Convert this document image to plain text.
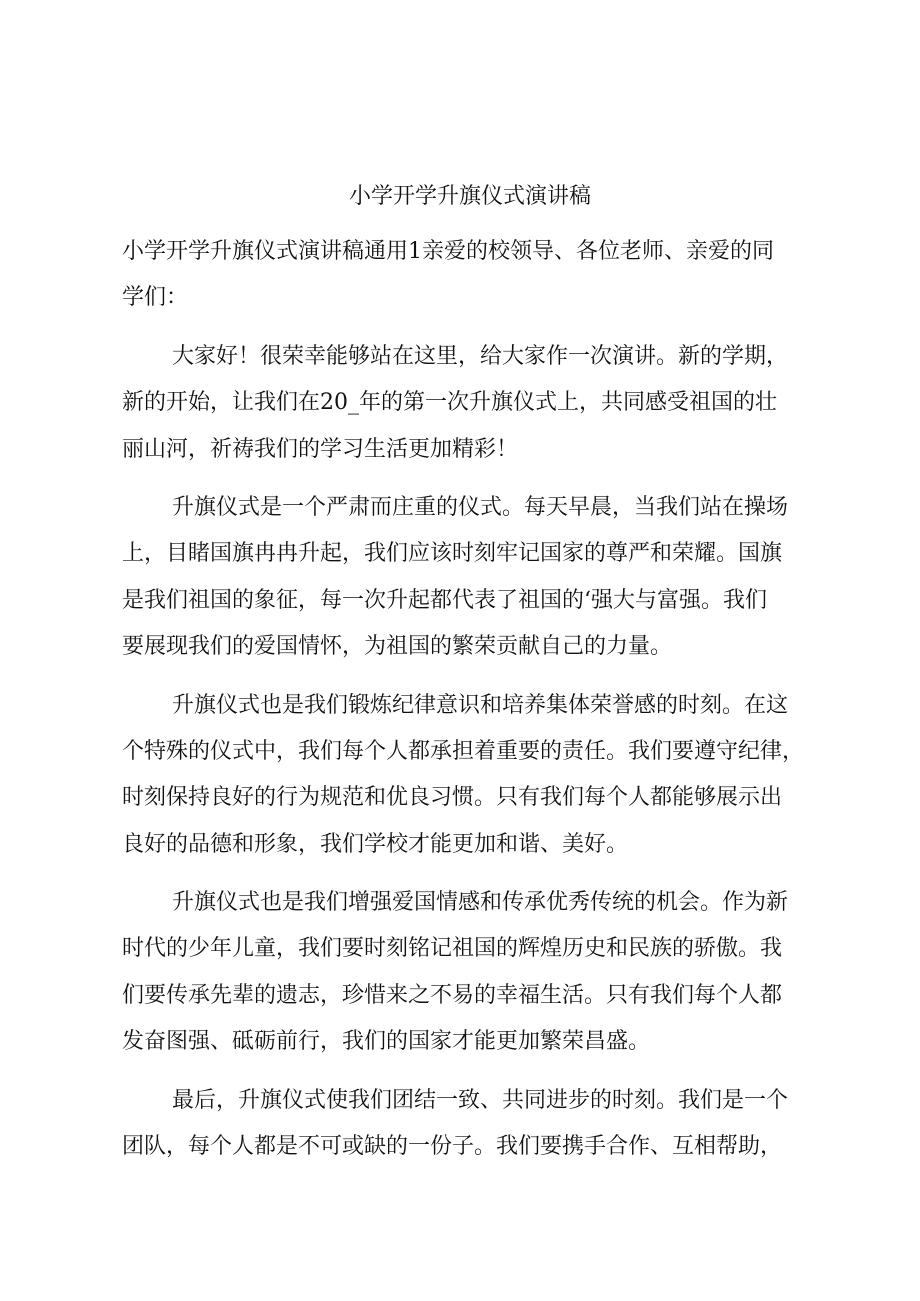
小学开学升旗仪式演讲稿
小学开学升旗仪式演讲稿通用1亲爱的校领导、各位老师、亲爱的同
学们：
大家好！很荣幸能够站在这里，给大家作一次演讲。新的学期，
新的开始，让我们在20_年的第一次升旗仪式上，共同感受祖国的壮
丽山河，祈祷我们的学习生活更加精彩！
升旗仪式是一个严肃而庄重的仪式。每天早晨，当我们站在操场
上，目睹国旗冉冉升起，我们应该时刻牢记国家的尊严和荣耀。国旗
是我们祖国的象征，每一次升起都代表了祖国的‘强大与富强。我们
要展现我们的爱国情怀，为祖国的繁荣贡献自己的力量。
升旗仪式也是我们锻炼纪律意识和培养集体荣誉感的时刻。在这
个特殊的仪式中，我们每个人都承担着重要的责任。我们要遵守纪律，
时刻保持良好的行为规范和优良习惯。只有我们每个人都能够展示出
良好的品德和形象，我们学校才能更加和谐、美好。
升旗仪式也是我们增强爱国情感和传承优秀传统的机会。作为新
时代的少年儿童，我们要时刻铭记祖国的辉煌历史和民族的骄傲。我
们要传承先辈的遗志，珍惜来之不易的幸福生活。只有我们每个人都
发奋图强、砥砺前行，我们的国家才能更加繁荣昌盛。
最后，升旗仪式使我们团结一致、共同进步的时刻。我们是一个
团队，每个人都是不可或缺的一份子。我们要携手合作、互相帮助，
